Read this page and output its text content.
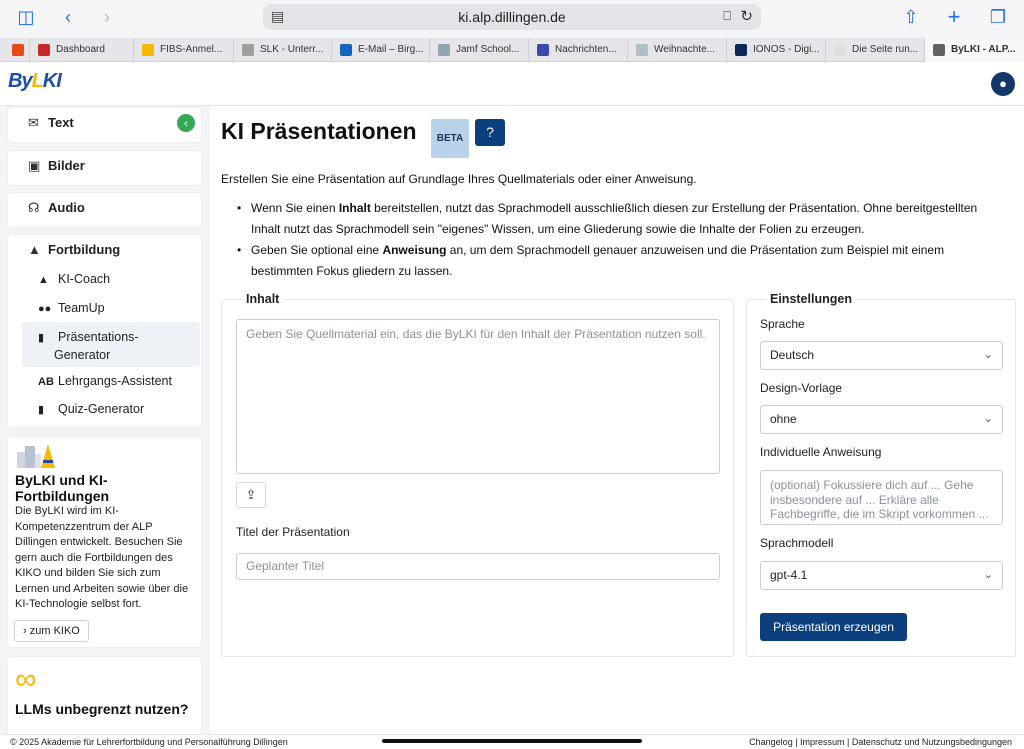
◫	‹	›	▤	ki.alp.dillingen.de	⎕ ↻	⇧ + ❐
Dashboard	FIBS-Anmel...	SLK - Unterr...	E-Mail – Birg...	Jamf School...	Nachrichten...	Weihnachte...	IONOS - Digi...	Die Seite run...	ByLKI - ALP...
ByLKI	●
✉ Text	‹
▣ Bilder
☊ Audio
▲ Fortbildung
▲ KI-Coach
●● TeamUp
▮ Präsentations-
Generator
AB Lehrgangs-Assistent
▮ Quiz-Generator
ByLKI und KI-Fortbildungen

Die ByLKI wird im KI-Kompetenzzentrum der ALP Dillingen entwickelt. Besuchen Sie gern auch die Fortbildungen des KIKO und bilden Sie sich zum Lernen und Arbeiten sowie über die KI-Technologie selbst fort.

› zum KIKO
∞
LLMs unbegrenzt nutzen?
KI Präsentationen	BETA	?
Erstellen Sie eine Präsentation auf Grundlage Ihres Quellmaterials oder einer Anweisung.
• Wenn Sie einen Inhalt bereitstellen, nutzt das Sprachmodell ausschließlich diesen zur Erstellung der Präsentation. Ohne bereitgestellten Inhalt nutzt das Sprachmodell sein "eigenes" Wissen, um eine Gliederung sowie die Inhalte der Folien zu erzeugen.
• Geben Sie optional eine Anweisung an, um dem Sprachmodell genauer anzuweisen und die Präsentation zum Beispiel mit einem bestimmten Fokus gliedern zu lassen.
Inhalt
Geben Sie Quellmaterial ein, das die ByLKI für den Inhalt der Präsentation nutzen soll.
⇪
Titel der Präsentation
Geplanter Titel
Einstellungen
Sprache
Deutsch	⌄
Design-Vorlage
ohne	⌄
Individuelle Anweisung
(optional) Fokussiere dich auf ... Gehe insbesondere auf ... Erkläre alle Fachbegriffe, die im Skript vorkommen ...
Sprachmodell
gpt-4.1	⌄
Präsentation erzeugen
© 2025 Akademie für Lehrerfortbildung und Personalführung Dillingen	Changelog | Impressum | Datenschutz und Nutzungsbedingungen
